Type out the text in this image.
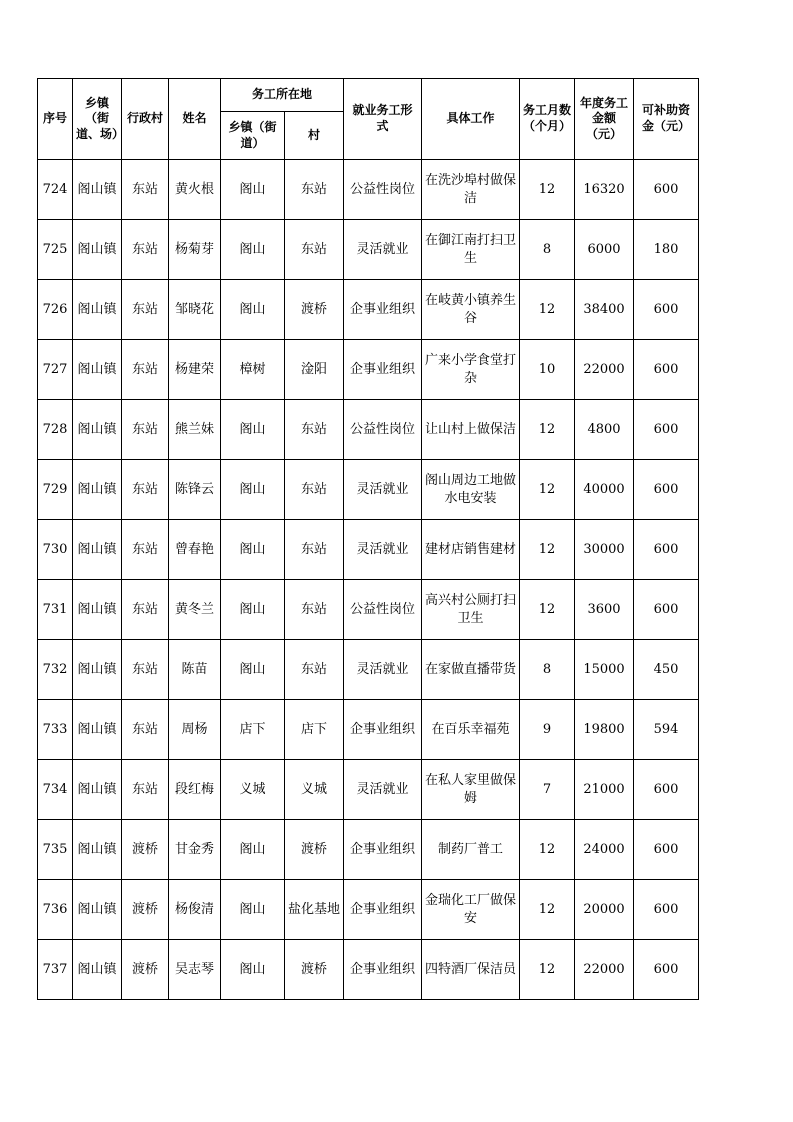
序号	乡镇（街道、场）	行政村	姓名	务工所在地		就业务工形式	具体工作	务工月数（个月）	年度务工金额（元）	可补助资金（元）
				乡镇（街道）	村					
724	阁山镇	东站	黄火根	阁山	东站	公益性岗位	在洗沙埠村做保洁	12	16320	600
725	阁山镇	东站	杨菊芽	阁山	东站	灵活就业	在御江南打扫卫生	8	6000	180
726	阁山镇	东站	邹晓花	阁山	渡桥	企事业组织	在岐黄小镇养生谷	12	38400	600
727	阁山镇	东站	杨建荣	樟树	淦阳	企事业组织	广来小学食堂打杂	10	22000	600
728	阁山镇	东站	熊兰妹	阁山	东站	公益性岗位	让山村上做保洁	12	4800	600
729	阁山镇	东站	陈锋云	阁山	东站	灵活就业	阁山周边工地做水电安装	12	40000	600
730	阁山镇	东站	曾春艳	阁山	东站	灵活就业	建材店销售建材	12	30000	600
731	阁山镇	东站	黄冬兰	阁山	东站	公益性岗位	高兴村公厕打扫卫生	12	3600	600
732	阁山镇	东站	陈苗	阁山	东站	灵活就业	在家做直播带货	8	15000	450
733	阁山镇	东站	周杨	店下	店下	企事业组织	在百乐幸福苑	9	19800	594
734	阁山镇	东站	段红梅	义城	义城	灵活就业	在私人家里做保姆	7	21000	600
735	阁山镇	渡桥	甘金秀	阁山	渡桥	企事业组织	制药厂普工	12	24000	600
736	阁山镇	渡桥	杨俊清	阁山	盐化基地	企事业组织	金瑞化工厂做保安	12	20000	600
737	阁山镇	渡桥	吴志琴	阁山	渡桥	企事业组织	四特酒厂保洁员	12	22000	600
